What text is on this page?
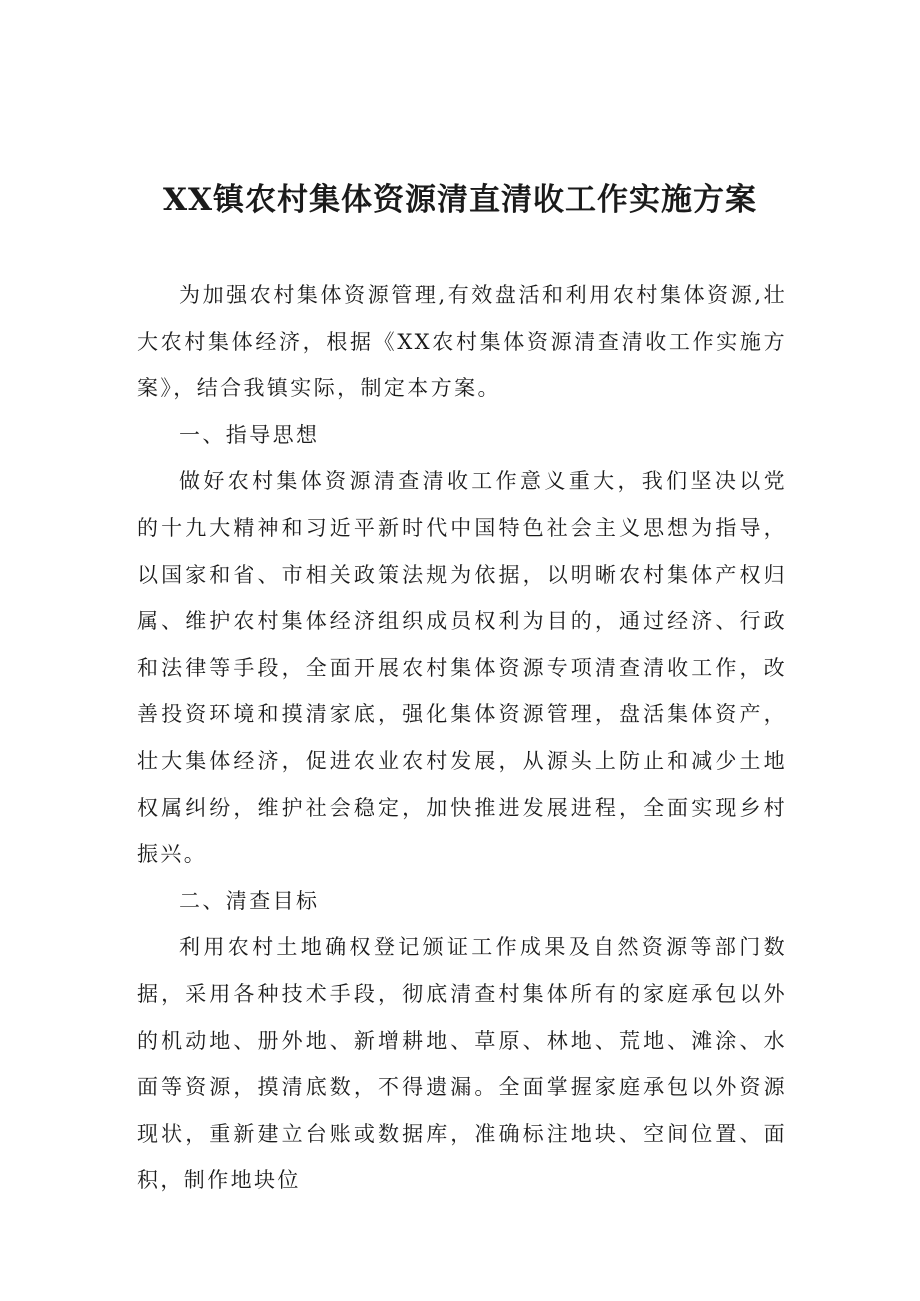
XX镇农村集体资源清直清收工作实施方案

为加强农村集体资源管理,有效盘活和利用农村集体资源,壮大农村集体经济，根据《XX农村集体资源清查清收工作实施方案》，结合我镇实际，制定本方案。

一、指导思想

做好农村集体资源清查清收工作意义重大，我们坚决以党的十九大精神和习近平新时代中国特色社会主义思想为指导，以国家和省、市相关政策法规为依据，以明晰农村集体产权归属、维护农村集体经济组织成员权利为目的，通过经济、行政和法律等手段，全面开展农村集体资源专项清查清收工作，改善投资环境和摸清家底，强化集体资源管理，盘活集体资产，壮大集体经济，促进农业农村发展，从源头上防止和减少土地权属纠纷，维护社会稳定，加快推进发展进程，全面实现乡村振兴。

二、清查目标

利用农村土地确权登记颁证工作成果及自然资源等部门数据，采用各种技术手段，彻底清查村集体所有的家庭承包以外的机动地、册外地、新增耕地、草原、林地、荒地、滩涂、水面等资源，摸清底数，不得遗漏。全面掌握家庭承包以外资源现状，重新建立台账或数据库，准确标注地块、空间位置、面积，制作地块位
